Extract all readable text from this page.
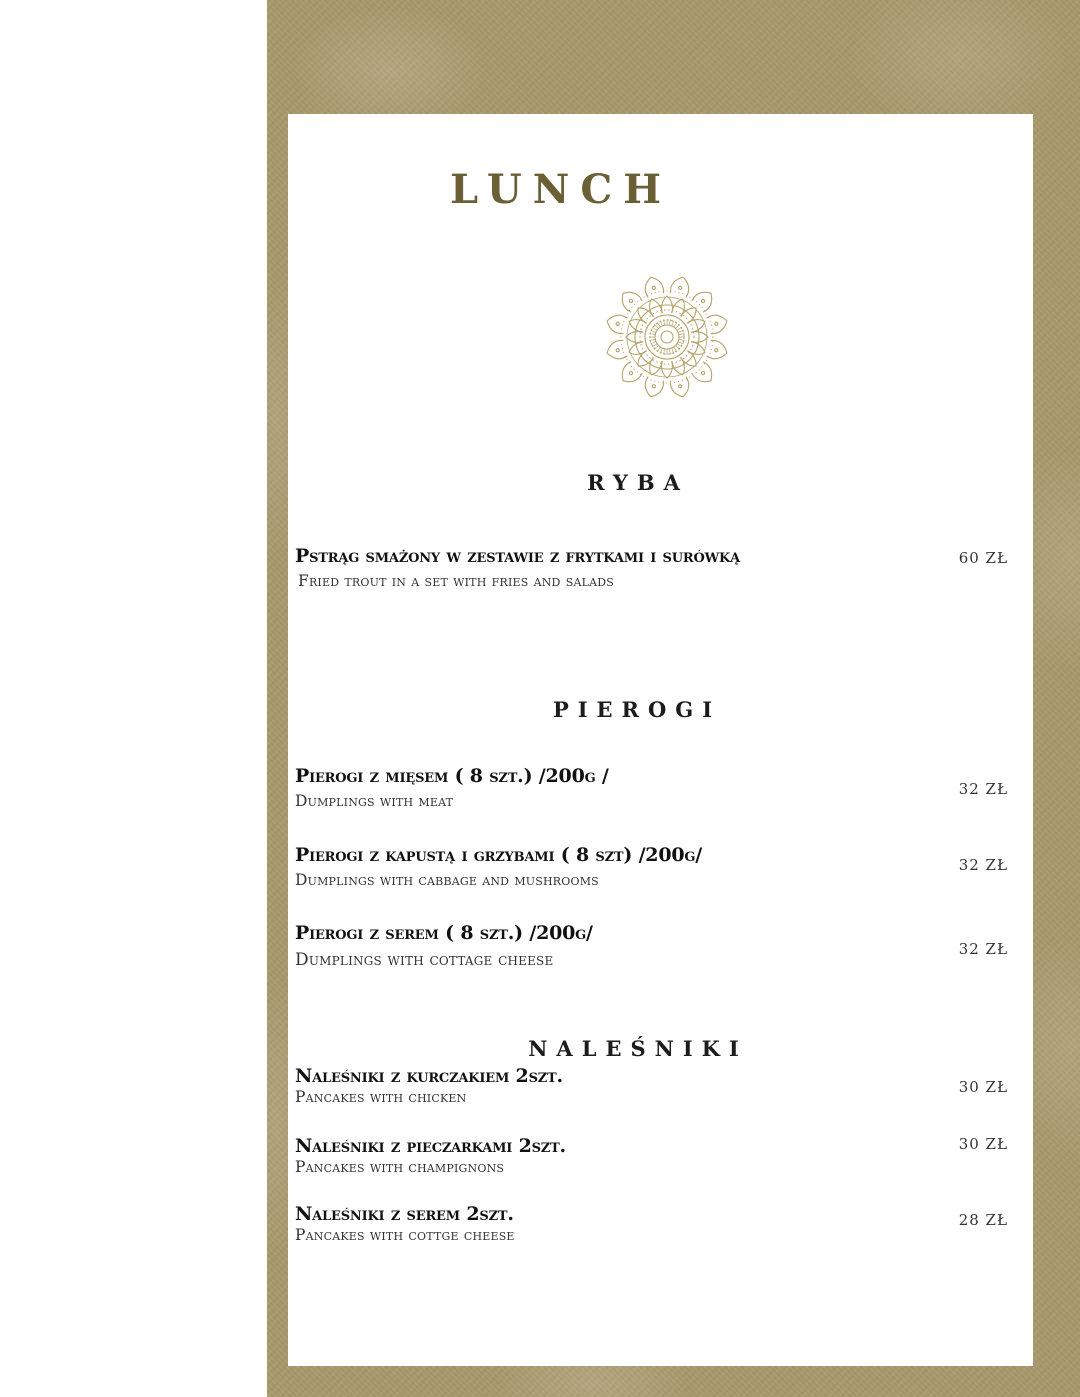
LUNCH
RYBA
Pstrąg smażony w zestawie z frytkami i surówką
Fried trout in a set with fries and salads
60 ZŁ
PIEROGI
Pierogi z mięsem ( 8 szt.) /200g /
Dumplings with meat
32 ZŁ
Pierogi z kapustą i grzybami ( 8 szt) /200g/
Dumplings with cabbage and mushrooms
32 ZŁ
Pierogi z serem ( 8 szt.) /200g/
Dumplings with cottage cheese
32 ZŁ
NALEŚNIKI
Naleśniki z kurczakiem 2szt.
Pancakes with chicken
30 ZŁ
Naleśniki z pieczarkami 2szt.
Pancakes with champignons
30 ZŁ
Naleśniki z serem 2szt.
Pancakes with cottge cheese
28 ZŁ
